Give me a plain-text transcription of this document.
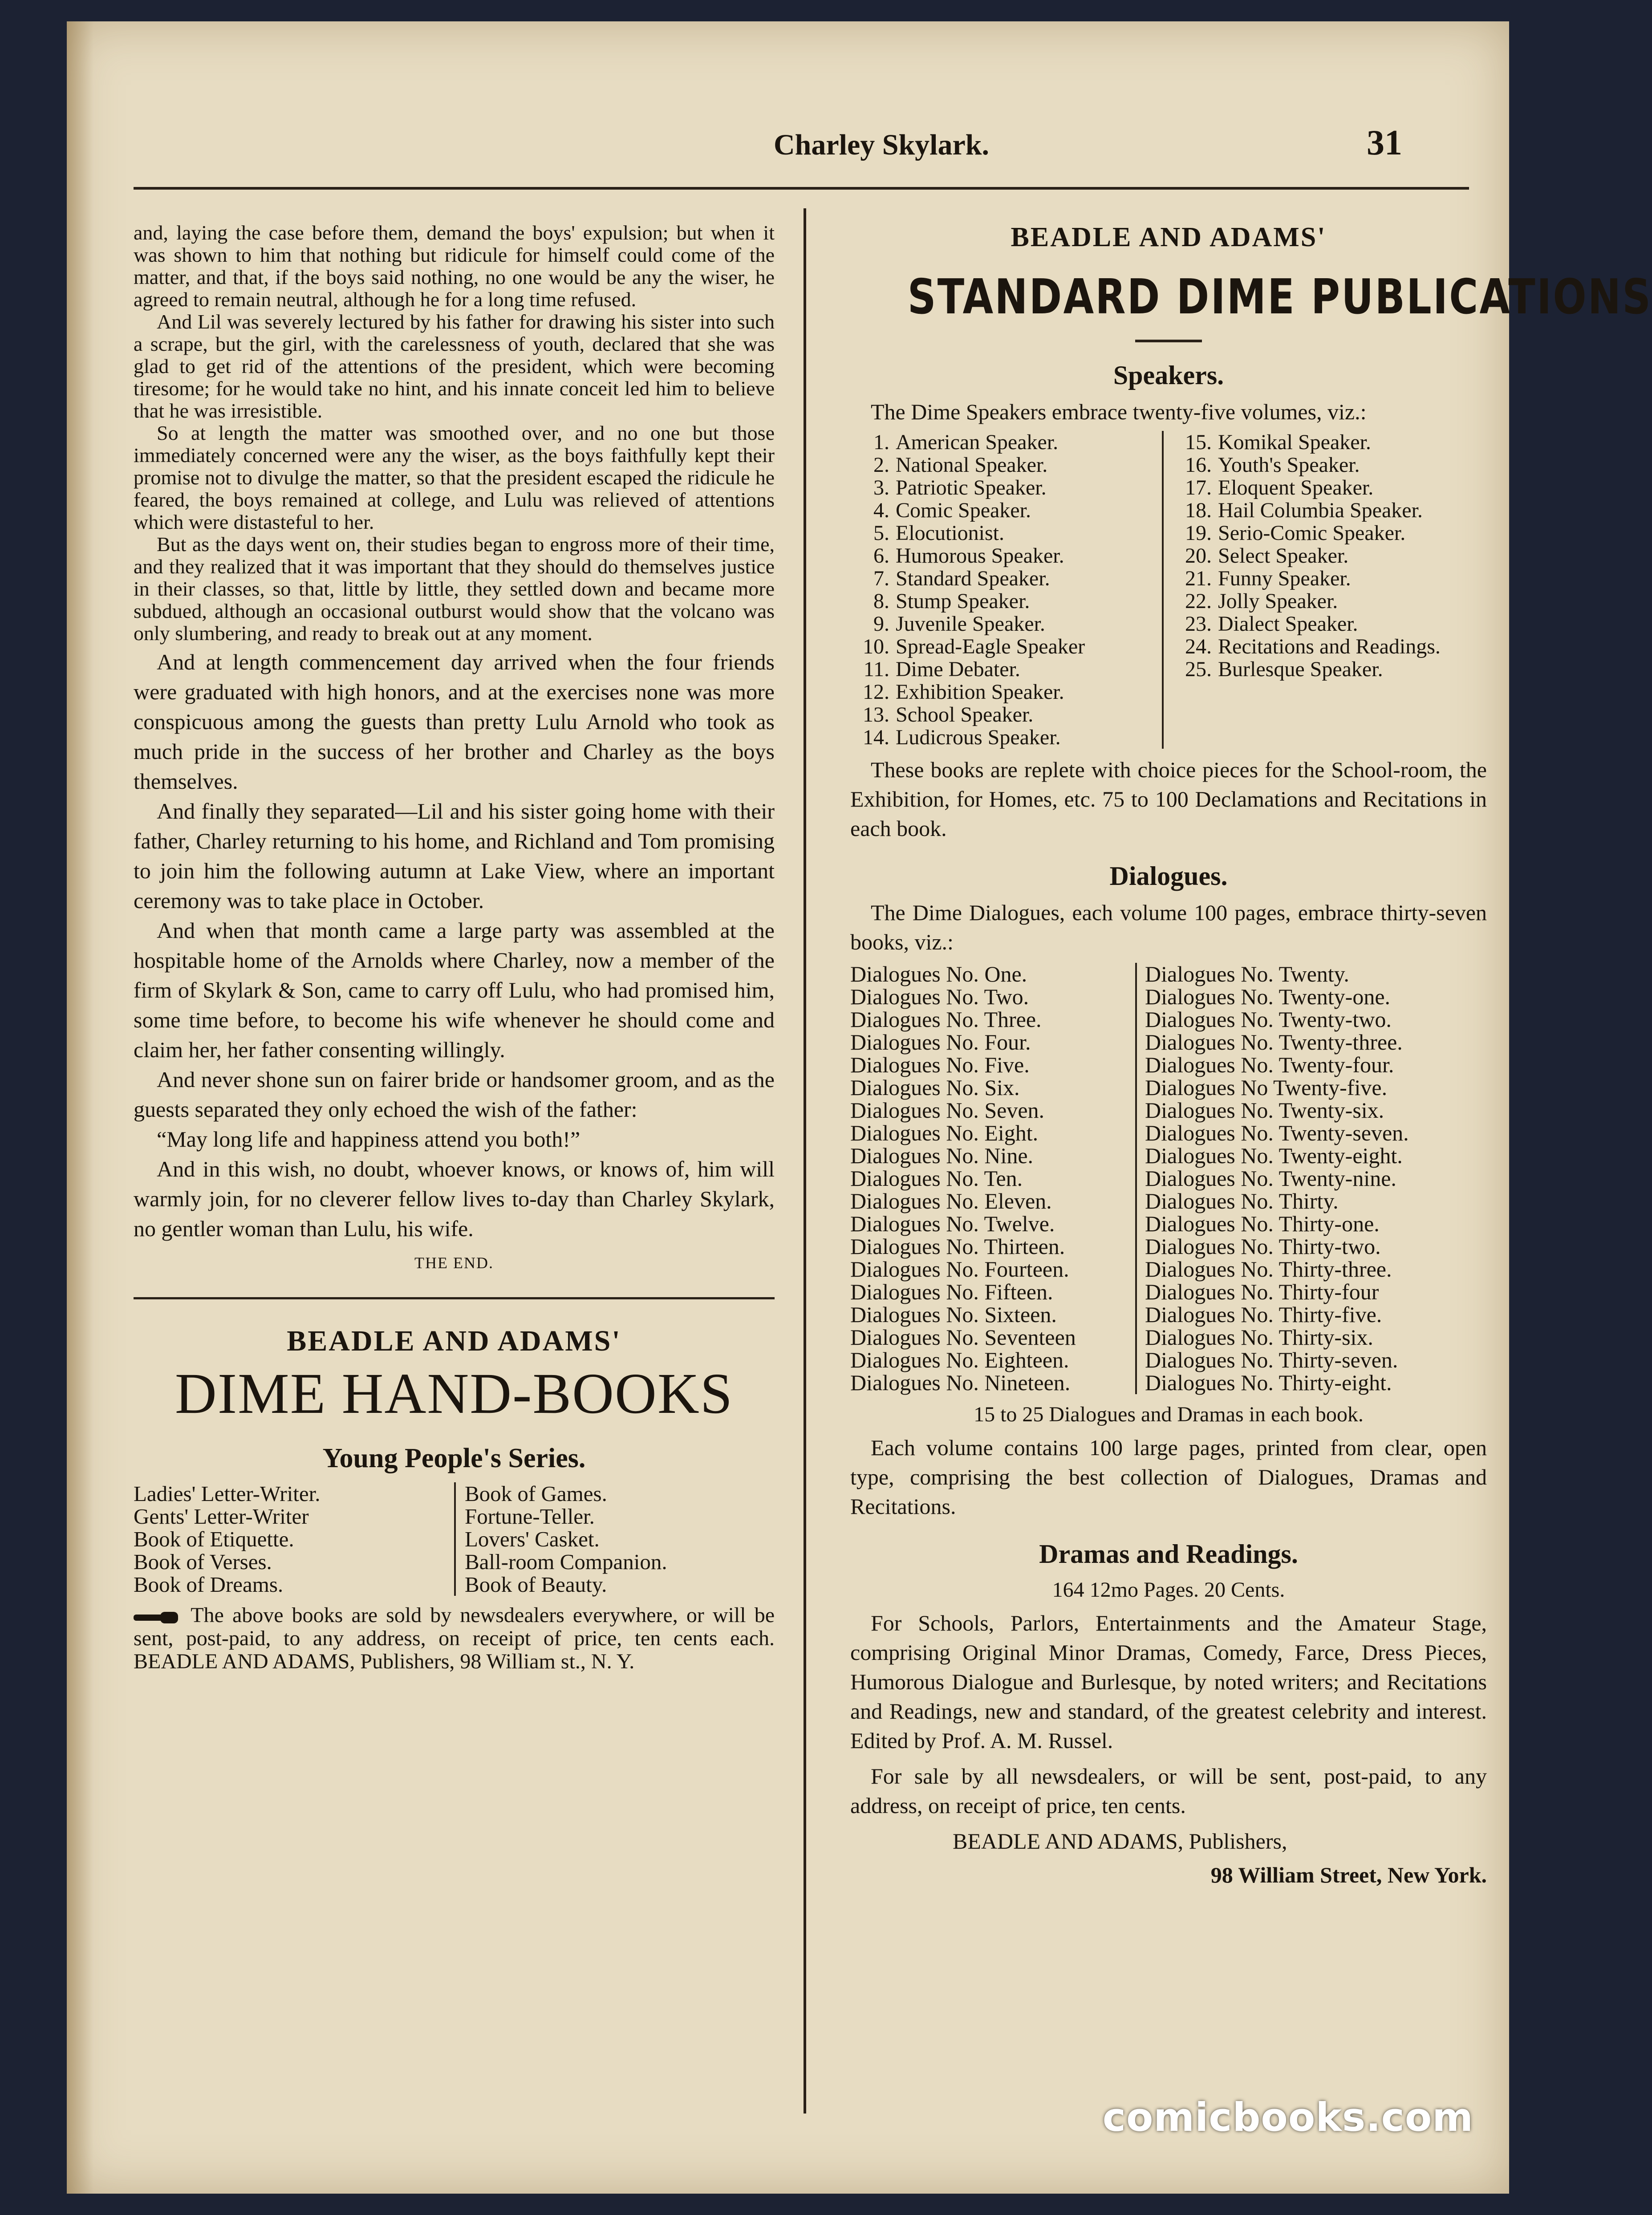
Charley Skylark.	31

and, laying the case before them, demand the boys' expulsion; but when it was shown to him that nothing but ridicule for himself could come of the matter, and that, if the boys said nothing, no one would be any the wiser, he agreed to remain neutral, although he for a long time refused.

And Lil was severely lectured by his father for drawing his sister into such a scrape, but the girl, with the carelessness of youth, declared that she was glad to get rid of the attentions of the president, which were becoming tiresome; for he would take no hint, and his innate conceit led him to believe that he was irresistible.

So at length the matter was smoothed over, and no one but those immediately concerned were any the wiser, as the boys faithfully kept their promise not to divulge the matter, so that the president escaped the ridicule he feared, the boys remained at college, and Lulu was relieved of attentions which were distasteful to her.

But as the days went on, their studies began to engross more of their time, and they realized that it was important that they should do themselves justice in their classes, so that, little by little, they settled down and became more subdued, although an occasional outburst would show that the volcano was only slumbering, and ready to break out at any moment.

And at length commencement day arrived when the four friends were graduated with high honors, and at the exercises none was more conspicuous among the guests than pretty Lulu Arnold who took as much pride in the success of her brother and Charley as the boys themselves.

And finally they separated—Lil and his sister going home with their father, Charley returning to his home, and Richland and Tom promising to join him the following autumn at Lake View, where an important ceremony was to take place in October.

And when that month came a large party was assembled at the hospitable home of the Arnolds where Charley, now a member of the firm of Skylark & Son, came to carry off Lulu, who had promised him, some time before, to become his wife whenever he should come and claim her, her father consenting willingly.

And never shone sun on fairer bride or handsomer groom, and as the guests separated they only echoed the wish of the father:

“May long life and happiness attend you both!”

And in this wish, no doubt, whoever knows, or knows of, him will warmly join, for no cleverer fellow lives to-day than Charley Skylark, no gentler woman than Lulu, his wife.

THE END.
BEADLE AND ADAMS'
DIME HAND-BOOKS
Young People's Series.
Ladies' Letter-Writer.
Gents' Letter-Writer
Book of Etiquette.
Book of Verses.
Book of Dreams.
Book of Games.
Fortune-Teller.
Lovers' Casket.
Ball-room Companion.
Book of Beauty.
The above books are sold by newsdealers everywhere, or will be sent, post-paid, to any address, on receipt of price, ten cents each. BEADLE AND ADAMS, Publishers, 98 William st., N. Y.
BEADLE AND ADAMS'
STANDARD DIME PUBLICATIONS
Speakers.

The Dime Speakers embrace twenty-five volumes, viz.:

1. American Speaker.
2. National Speaker.
3. Patriotic Speaker.
4. Comic Speaker.
5. Elocutionist.
6. Humorous Speaker.
7. Standard Speaker.
8. Stump Speaker.
9. Juvenile Speaker.
10. Spread-Eagle Speaker
11. Dime Debater.
12. Exhibition Speaker.
13. School Speaker.
14. Ludicrous Speaker.
15. Komikal Speaker.
16. Youth's Speaker.
17. Eloquent Speaker.
18. Hail Columbia Speaker.
19. Serio-Comic Speaker.
20. Select Speaker.
21. Funny Speaker.
22. Jolly Speaker.
23. Dialect Speaker.
24. Recitations and Readings.
25. Burlesque Speaker.

These books are replete with choice pieces for the School-room, the Exhibition, for Homes, etc. 75 to 100 Declamations and Recitations in each book.

Dialogues.

The Dime Dialogues, each volume 100 pages, embrace thirty-seven books, viz.:

Dialogues No. One.
Dialogues No. Two.
Dialogues No. Three.
Dialogues No. Four.
Dialogues No. Five.
Dialogues No. Six.
Dialogues No. Seven.
Dialogues No. Eight.
Dialogues No. Nine.
Dialogues No. Ten.
Dialogues No. Eleven.
Dialogues No. Twelve.
Dialogues No. Thirteen.
Dialogues No. Fourteen.
Dialogues No. Fifteen.
Dialogues No. Sixteen.
Dialogues No. Seventeen
Dialogues No. Eighteen.
Dialogues No. Nineteen.
Dialogues No. Twenty.
Dialogues No. Twenty-one.
Dialogues No. Twenty-two.
Dialogues No. Twenty-three.
Dialogues No. Twenty-four.
Dialogues No Twenty-five.
Dialogues No. Twenty-six.
Dialogues No. Twenty-seven.
Dialogues No. Twenty-eight.
Dialogues No. Twenty-nine.
Dialogues No. Thirty.
Dialogues No. Thirty-one.
Dialogues No. Thirty-two.
Dialogues No. Thirty-three.
Dialogues No. Thirty-four
Dialogues No. Thirty-five.
Dialogues No. Thirty-six.
Dialogues No. Thirty-seven.
Dialogues No. Thirty-eight.
15 to 25 Dialogues and Dramas in each book.

Each volume contains 100 large pages, printed from clear, open type, comprising the best collection of Dialogues, Dramas and Recitations.

Dramas and Readings.
164 12mo Pages. 20 Cents.

For Schools, Parlors, Entertainments and the Amateur Stage, comprising Original Minor Dramas, Comedy, Farce, Dress Pieces, Humorous Dialogue and Burlesque, by noted writers; and Recitations and Readings, new and standard, of the greatest celebrity and interest. Edited by Prof. A. M. Russel.

For sale by all newsdealers, or will be sent, post-paid, to any address, on receipt of price, ten cents.

BEADLE AND ADAMS, Publishers,
98 William Street, New York.
comicbooks.com
